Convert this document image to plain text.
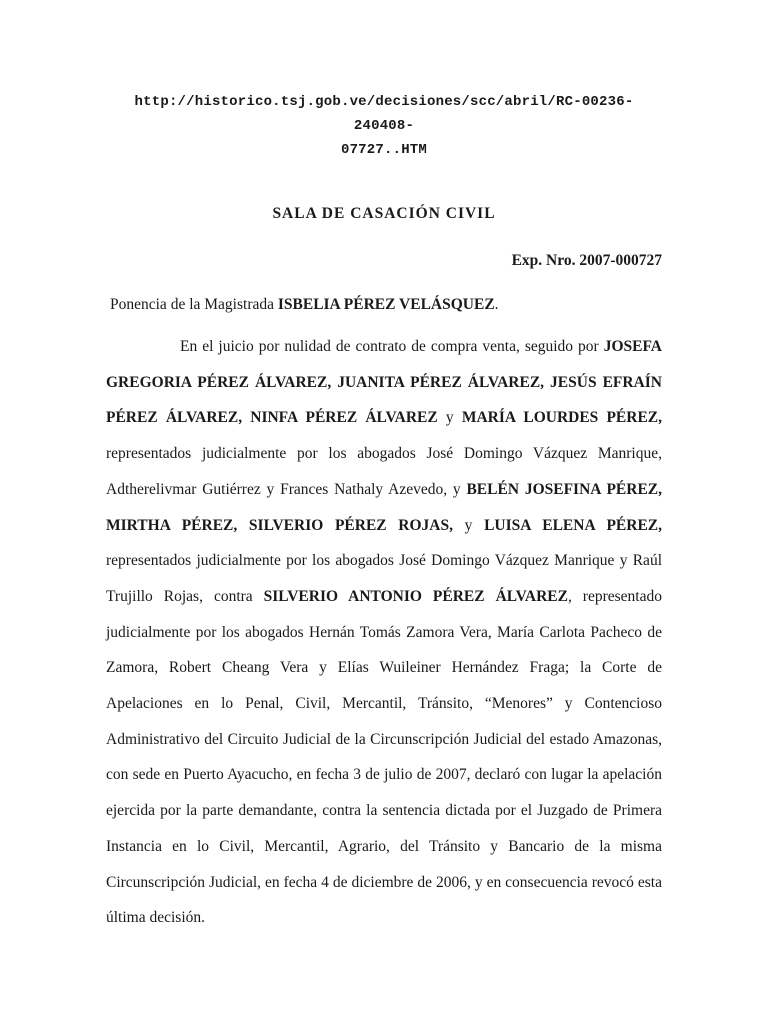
http://historico.tsj.gob.ve/decisiones/scc/abril/RC-00236-240408-
07727..HTM
SALA DE CASACIÓN CIVIL
Exp. Nro. 2007-000727
Ponencia de la Magistrada ISBELIA PÉREZ VELÁSQUEZ.

En el juicio por nulidad de contrato de compra venta, seguido por JOSEFA GREGORIA PÉREZ ÁLVAREZ, JUANITA PÉREZ ÁLVAREZ, JESÚS EFRAÍN PÉREZ ÁLVAREZ, NINFA PÉREZ ÁLVAREZ y MARÍA LOURDES PÉREZ, representados judicialmente por los abogados José Domingo Vázquez Manrique, Adtherelivmar Gutiérrez y Frances Nathaly Azevedo, y BELÉN JOSEFINA PÉREZ, MIRTHA PÉREZ, SILVERIO PÉREZ ROJAS, y LUISA ELENA PÉREZ, representados judicialmente por los abogados José Domingo Vázquez Manrique y Raúl Trujillo Rojas, contra SILVERIO ANTONIO PÉREZ ÁLVAREZ, representado judicialmente por los abogados Hernán Tomás Zamora Vera, María Carlota Pacheco de Zamora, Robert Cheang Vera y Elías Wuileiner Hernández Fraga; la Corte de Apelaciones en lo Penal, Civil, Mercantil, Tránsito, “Menores” y Contencioso Administrativo del Circuito Judicial de la Circunscripción Judicial del estado Amazonas, con sede en Puerto Ayacucho, en fecha 3 de julio de 2007, declaró con lugar la apelación ejercida por la parte demandante, contra la sentencia dictada por el Juzgado de Primera Instancia en lo Civil, Mercantil, Agrario, del Tránsito y Bancario de la misma Circunscripción Judicial, en fecha 4 de diciembre de 2006, y en consecuencia revocó esta última decisión.
